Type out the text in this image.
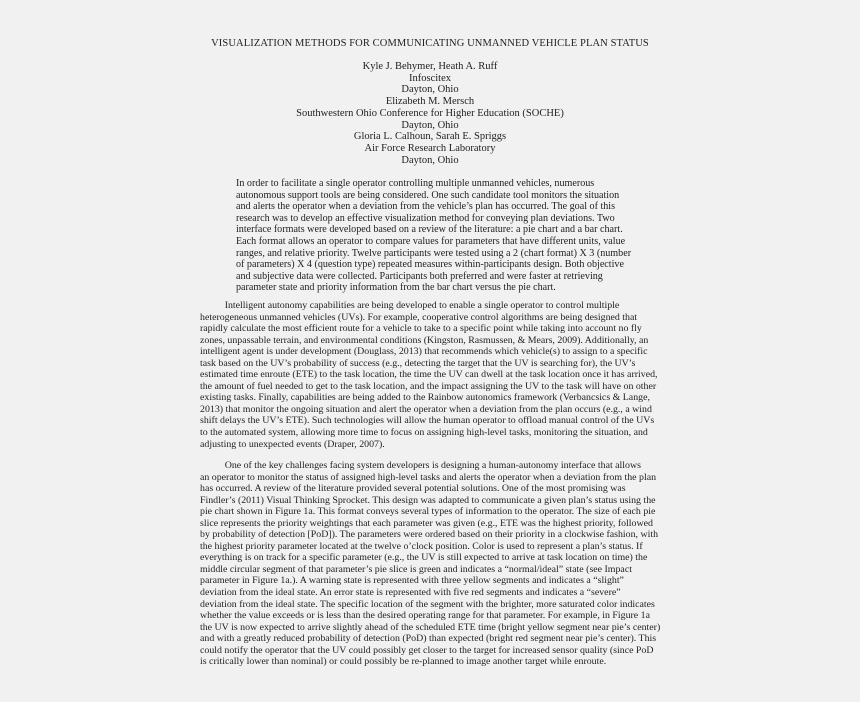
VISUALIZATION METHODS FOR COMMUNICATING UNMANNED VEHICLE PLAN STATUS
Kyle J. Behymer, Heath A. Ruff
Infoscitex
Dayton, Ohio
Elizabeth M. Mersch
Southwestern Ohio Conference for Higher Education (SOCHE)
Dayton, Ohio
Gloria L. Calhoun, Sarah E. Spriggs
Air Force Research Laboratory
Dayton, Ohio
In order to facilitate a single operator controlling multiple unmanned vehicles, numerous
autonomous support tools are being considered. One such candidate tool monitors the situation
and alerts the operator when a deviation from the vehicle’s plan has occurred. The goal of this
research was to develop an effective visualization method for conveying plan deviations. Two
interface formats were developed based on a review of the literature: a pie chart and a bar chart.
Each format allows an operator to compare values for parameters that have different units, value
ranges, and relative priority. Twelve participants were tested using a 2 (chart format) X 3 (number
of parameters) X 4 (question type) repeated measures within-participants design. Both objective
and subjective data were collected. Participants both preferred and were faster at retrieving
parameter state and priority information from the bar chart versus the pie chart.
Intelligent autonomy capabilities are being developed to enable a single operator to control multiple
heterogeneous unmanned vehicles (UVs). For example, cooperative control algorithms are being designed that
rapidly calculate the most efficient route for a vehicle to take to a specific point while taking into account no fly
zones, unpassable terrain, and environmental conditions (Kingston, Rasmussen, & Mears, 2009). Additionally, an
intelligent agent is under development (Douglass, 2013) that recommends which vehicle(s) to assign to a specific
task based on the UV’s probability of success (e.g., detecting the target that the UV is searching for), the UV’s
estimated time enroute (ETE) to the task location, the time the UV can dwell at the task location once it has arrived,
the amount of fuel needed to get to the task location, and the impact assigning the UV to the task will have on other
existing tasks. Finally, capabilities are being added to the Rainbow autonomics framework (Verbancsics & Lange,
2013) that monitor the ongoing situation and alert the operator when a deviation from the plan occurs (e.g., a wind
shift delays the UV’s ETE). Such technologies will allow the human operator to offload manual control of the UVs
to the automated system, allowing more time to focus on assigning high-level tasks, monitoring the situation, and
adjusting to unexpected events (Draper, 2007).
One of the key challenges facing system developers is designing a human-autonomy interface that allows
an operator to monitor the status of assigned high-level tasks and alerts the operator when a deviation from the plan
has occurred. A review of the literature provided several potential solutions. One of the most promising was
Findler’s (2011) Visual Thinking Sprocket. This design was adapted to communicate a given plan’s status using the
pie chart shown in Figure 1a. This format conveys several types of information to the operator. The size of each pie
slice represents the priority weightings that each parameter was given (e.g., ETE was the highest priority, followed
by probability of detection [PoD]). The parameters were ordered based on their priority in a clockwise fashion, with
the highest priority parameter located at the twelve o’clock position. Color is used to represent a plan’s status. If
everything is on track for a specific parameter (e.g., the UV is still expected to arrive at task location on time) the
middle circular segment of that parameter’s pie slice is green and indicates a “normal/ideal” state (see Impact
parameter in Figure 1a.). A warning state is represented with three yellow segments and indicates a “slight”
deviation from the ideal state. An error state is represented with five red segments and indicates a “severe”
deviation from the ideal state. The specific location of the segment with the brighter, more saturated color indicates
whether the value exceeds or is less than the desired operating range for that parameter. For example, in Figure 1a
the UV is now expected to arrive slightly ahead of the scheduled ETE time (bright yellow segment near pie’s center)
and with a greatly reduced probability of detection (PoD) than expected (bright red segment near pie’s center). This
could notify the operator that the UV could possibly get closer to the target for increased sensor quality (since PoD
is critically lower than nominal) or could possibly be re-planned to image another target while enroute.
